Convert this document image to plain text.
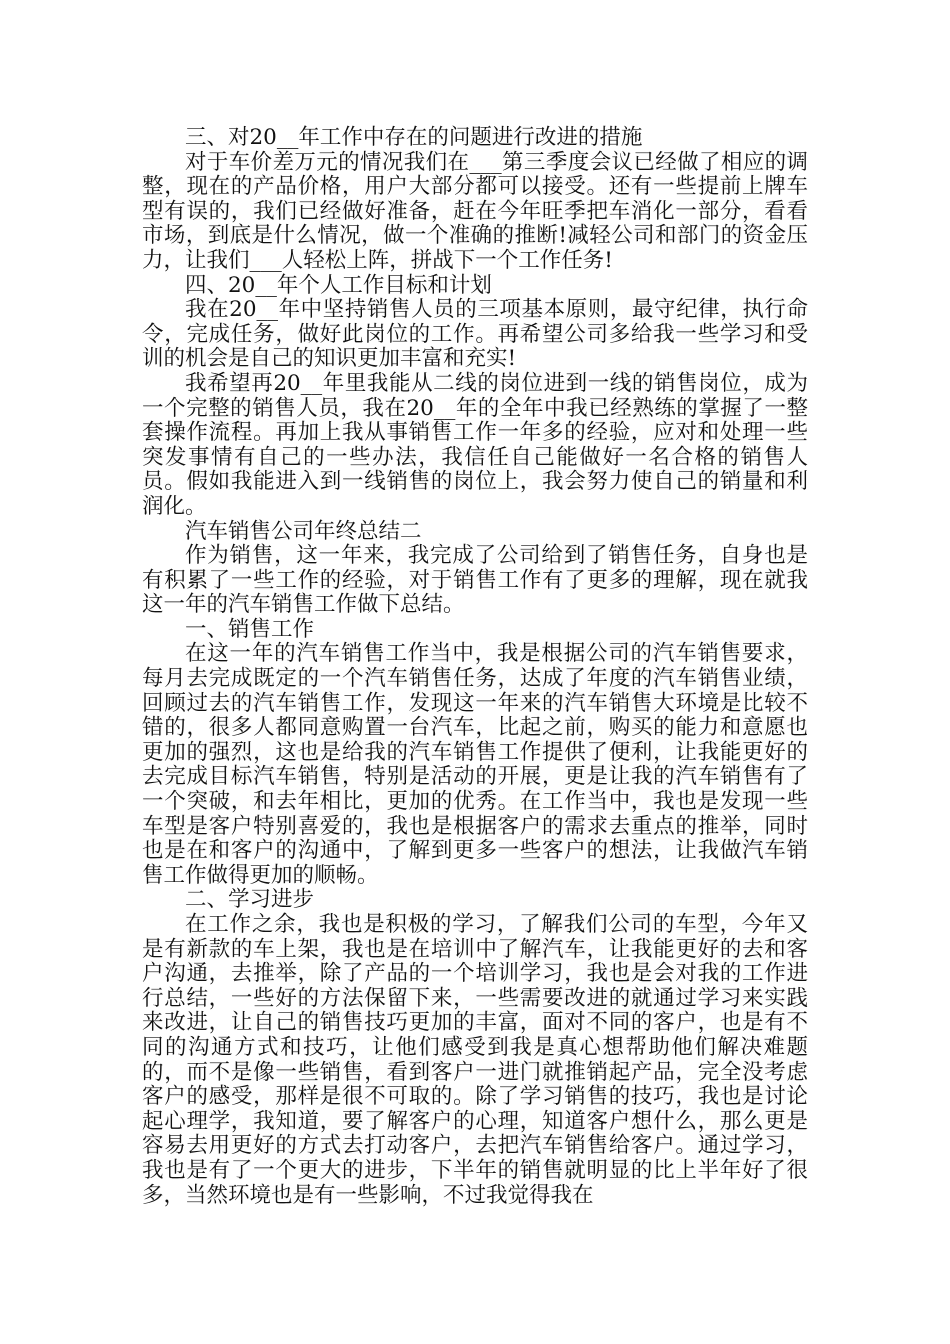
三、对20__年工作中存在的问题进行改进的措施

对于车价差万元的情况我们在___第三季度会议已经做了相应的调整，现在的产品价格，用户大部分都可以接受。还有一些提前上牌车型有误的，我们已经做好准备，赶在今年旺季把车消化一部分，看看市场，到底是什么情况，做一个准确的推断!减轻公司和部门的资金压力，让我们___人轻松上阵，拼战下一个工作任务!

四、20__年个人工作目标和计划

我在20__年中坚持销售人员的三项基本原则，最守纪律，执行命令，完成任务，做好此岗位的工作。再希望公司多给我一些学习和受训的机会是自己的知识更加丰富和充实!

我希望再20__年里我能从二线的岗位进到一线的销售岗位，成为一个完整的销售人员，我在20__年的全年中我已经熟练的掌握了一整套操作流程。再加上我从事销售工作一年多的经验，应对和处理一些突发事情有自己的一些办法，我信任自己能做好一名合格的销售人员。假如我能进入到一线销售的岗位上，我会努力使自己的销量和利润化。

汽车销售公司年终总结二

作为销售，这一年来，我完成了公司给到了销售任务，自身也是有积累了一些工作的经验，对于销售工作有了更多的理解，现在就我这一年的汽车销售工作做下总结。

一、销售工作

在这一年的汽车销售工作当中，我是根据公司的汽车销售要求，每月去完成既定的一个汽车销售任务，达成了年度的汽车销售业绩，回顾过去的汽车销售工作，发现这一年来的汽车销售大环境是比较不错的，很多人都同意购置一台汽车，比起之前，购买的能力和意愿也更加的强烈，这也是给我的汽车销售工作提供了便利，让我能更好的去完成目标汽车销售，特别是活动的开展，更是让我的汽车销售有了一个突破，和去年相比，更加的优秀。在工作当中，我也是发现一些车型是客户特别喜爱的，我也是根据客户的需求去重点的推举，同时也是在和客户的沟通中，了解到更多一些客户的想法，让我做汽车销售工作做得更加的顺畅。

二、学习进步

在工作之余，我也是积极的学习，了解我们公司的车型，今年又是有新款的车上架，我也是在培训中了解汽车，让我能更好的去和客户沟通，去推举，除了产品的一个培训学习，我也是会对我的工作进行总结，一些好的方法保留下来，一些需要改进的就通过学习来实践来改进，让自己的销售技巧更加的丰富，面对不同的客户，也是有不同的沟通方式和技巧，让他们感受到我是真心想帮助他们解决难题的，而不是像一些销售，看到客户一进门就推销起产品，完全没考虑客户的感受，那样是很不可取的。除了学习销售的技巧，我也是讨论起心理学，我知道，要了解客户的心理，知道客户想什么，那么更是容易去用更好的方式去打动客户，去把汽车销售给客户。通过学习，我也是有了一个更大的进步，下半年的销售就明显的比上半年好了很多，当然环境也是有一些影响，不过我觉得我在
